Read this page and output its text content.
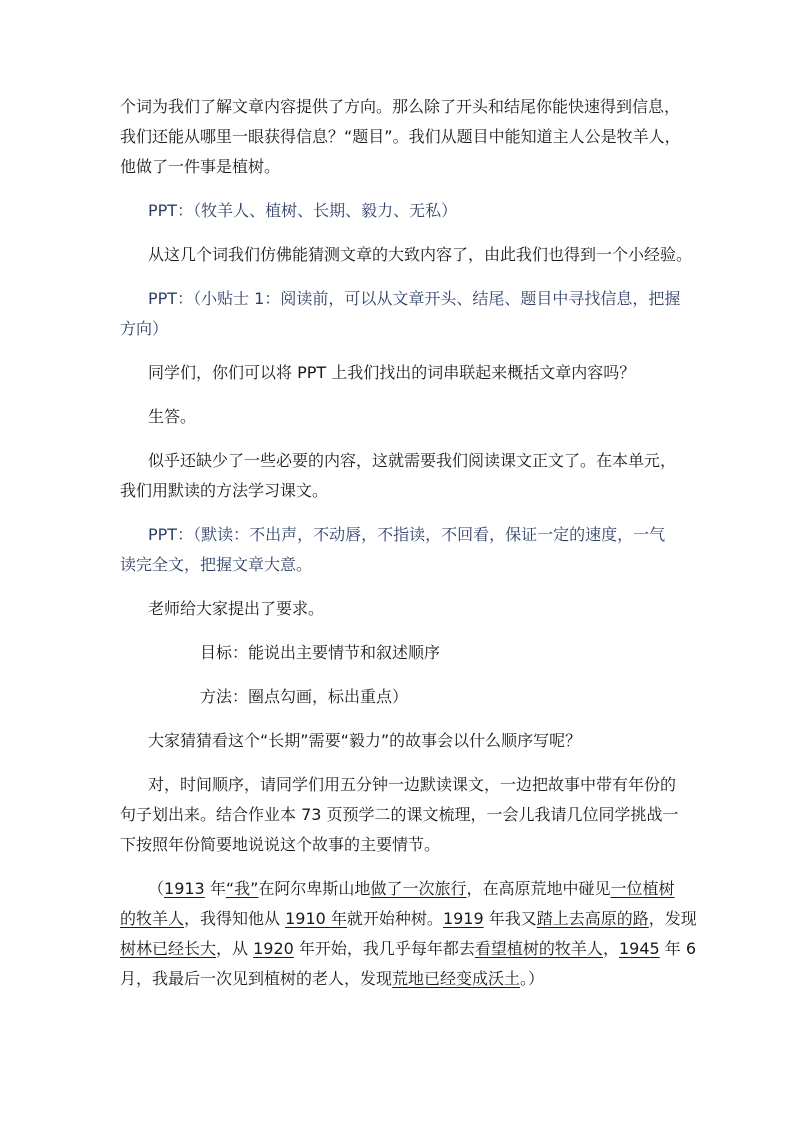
个词为我们了解文章内容提供了方向。那么除了开头和结尾你能快速得到信息，
我们还能从哪里一眼获得信息？“题目”。我们从题目中能知道主人公是牧羊人，
他做了一件事是植树。
PPT：（牧羊人、植树、长期、毅力、无私）
从这几个词我们仿佛能猜测文章的大致内容了，由此我们也得到一个小经验。
PPT：（小贴士 1：阅读前，可以从文章开头、结尾、题目中寻找信息，把握
方向）
同学们，你们可以将 PPT 上我们找出的词串联起来概括文章内容吗？
生答。
似乎还缺少了一些必要的内容，这就需要我们阅读课文正文了。在本单元，
我们用默读的方法学习课文。
PPT：（默读：不出声，不动唇，不指读，不回看，保证一定的速度，一气
读完全文，把握文章大意。
老师给大家提出了要求。
目标：能说出主要情节和叙述顺序
方法：圈点勾画，标出重点）
大家猜猜看这个“长期”需要“毅力”的故事会以什么顺序写呢？
对，时间顺序，请同学们用五分钟一边默读课文，一边把故事中带有年份的
句子划出来。结合作业本 73 页预学二的课文梳理，一会儿我请几位同学挑战一
下按照年份简要地说说这个故事的主要情节。
（1913 年“我”在阿尔卑斯山地做了一次旅行，在高原荒地中碰见一位植树
的牧羊人，我得知他从 1910 年就开始种树。1919 年我又踏上去高原的路，发现
树林已经长大，从 1920 年开始，我几乎每年都去看望植树的牧羊人，1945 年 6
月，我最后一次见到植树的老人，发现荒地已经变成沃土。）
